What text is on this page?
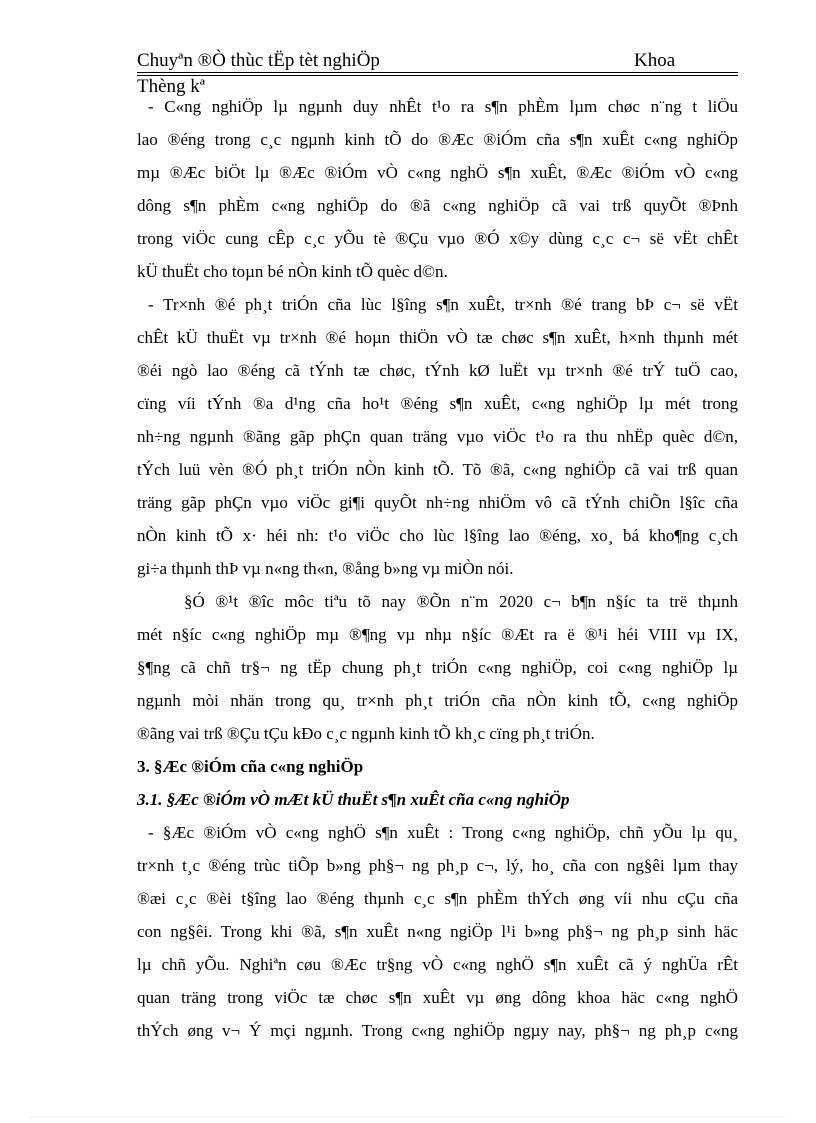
Chuyªn ®Ò thùc tËp tèt nghiÖp	Khoa
Thèng kª
- C«ng nghiÖp lµ ngµnh duy nhÊt t¹o ra s¶n phÈm lµm chøc n¨ng t liÖu
lao ®éng trong c¸c ngµnh kinh tÕ do ®Æc ®iÓm cña s¶n xuÊt c«ng nghiÖp
mµ ®Æc biÖt lµ ®Æc ®iÓm vÒ c«ng nghÖ s¶n xuÊt, ®Æc ®iÓm vÒ c«ng
dông s¶n phÈm c«ng nghiÖp do ®ã c«ng nghiÖp cã vai trß quyÕt ®Þnh
trong viÖc cung cÊp c¸c yÕu tè ®Çu vµo ®Ó x©y dùng c¸c c¬ së vËt chÊt
kÜ thuËt cho toµn bé nÒn kinh tÕ quèc d©n.
- Tr×nh ®é ph¸t triÓn cña lùc l§îng s¶n xuÊt, tr×nh ®é trang bÞ c¬ së vËt
chÊt kÜ thuËt vµ tr×nh ®é hoµn thiÖn vÒ tæ chøc s¶n xuÊt, h×nh thµnh mét
®éi ngò lao ®éng cã tÝnh tæ chøc, tÝnh kØ luËt vµ tr×nh ®é trÝ tuÖ cao,
cïng víi tÝnh ®a d¹ng cña ho¹t ®éng s¶n xuÊt, c«ng nghiÖp lµ mét trong
nh÷ng ngµnh ®ãng gãp phÇn quan träng vµo viÖc t¹o ra thu nhËp quèc d©n,
tÝch luü vèn ®Ó ph¸t triÓn nÒn kinh tÕ. Tõ ®ã, c«ng nghiÖp cã vai trß quan
träng gãp phÇn vµo viÖc gi¶i quyÕt nh÷ng nhiÖm vô cã tÝnh chiÕn l§îc cña
nÒn kinh tÕ x· héi nh: t¹o viÖc cho lùc l§îng lao ®éng, xo¸ bá kho¶ng c¸ch
gi÷a thµnh thÞ vµ n«ng th«n, ®ång b»ng vµ miÒn nói.
§Ó ®¹t ®îc môc tiªu tõ nay ®Õn n¨m 2020 c¬ b¶n n§íc ta trë thµnh
mét n§íc c«ng nghiÖp mµ ®¶ng vµ nhµ n§íc ®Æt ra ë ®¹i héi VIII vµ IX,
§¶ng cã chñ tr§¬ ng tËp chung ph¸t triÓn c«ng nghiÖp, coi c«ng nghiÖp lµ
ngµnh mòi nhän trong qu¸ tr×nh ph¸t triÓn cña nÒn kinh tÕ, c«ng nghiÖp
®ãng vai trß ®Çu tÇu kÐo c¸c ngµnh kinh tÕ kh¸c cïng ph¸t triÓn.
3. §Æc ®iÓm cña c«ng nghiÖp
3.1. §Æc ®iÓm vÒ mÆt kÜ thuËt s¶n xuÊt cña c«ng nghiÖp
- §Æc ®iÓm vÒ c«ng nghÖ s¶n xuÊt : Trong c«ng nghiÖp, chñ yÕu lµ qu¸
tr×nh t¸c ®éng trùc tiÕp b»ng ph§¬ ng ph¸p c¬, lý, ho¸ cña con ng§êi lµm thay
®æi c¸c ®èi t§îng lao ®éng thµnh c¸c s¶n phÈm thÝch øng víi nhu cÇu cña
con ng§êi. Trong khi ®ã, s¶n xuÊt n«ng ngiÖp l¹i b»ng ph§¬ ng ph¸p sinh häc
lµ chñ yÕu. Nghiªn cøu ®Æc tr§ng vÒ c«ng nghÖ s¶n xuÊt cã ý nghÜa rÊt
quan träng trong viÖc tæ chøc s¶n xuÊt vµ øng dông khoa häc c«ng nghÖ
thÝch øng v¬ Ý mçi ngµnh. Trong c«ng nghiÖp ngµy nay, ph§¬ ng ph¸p c«ng
